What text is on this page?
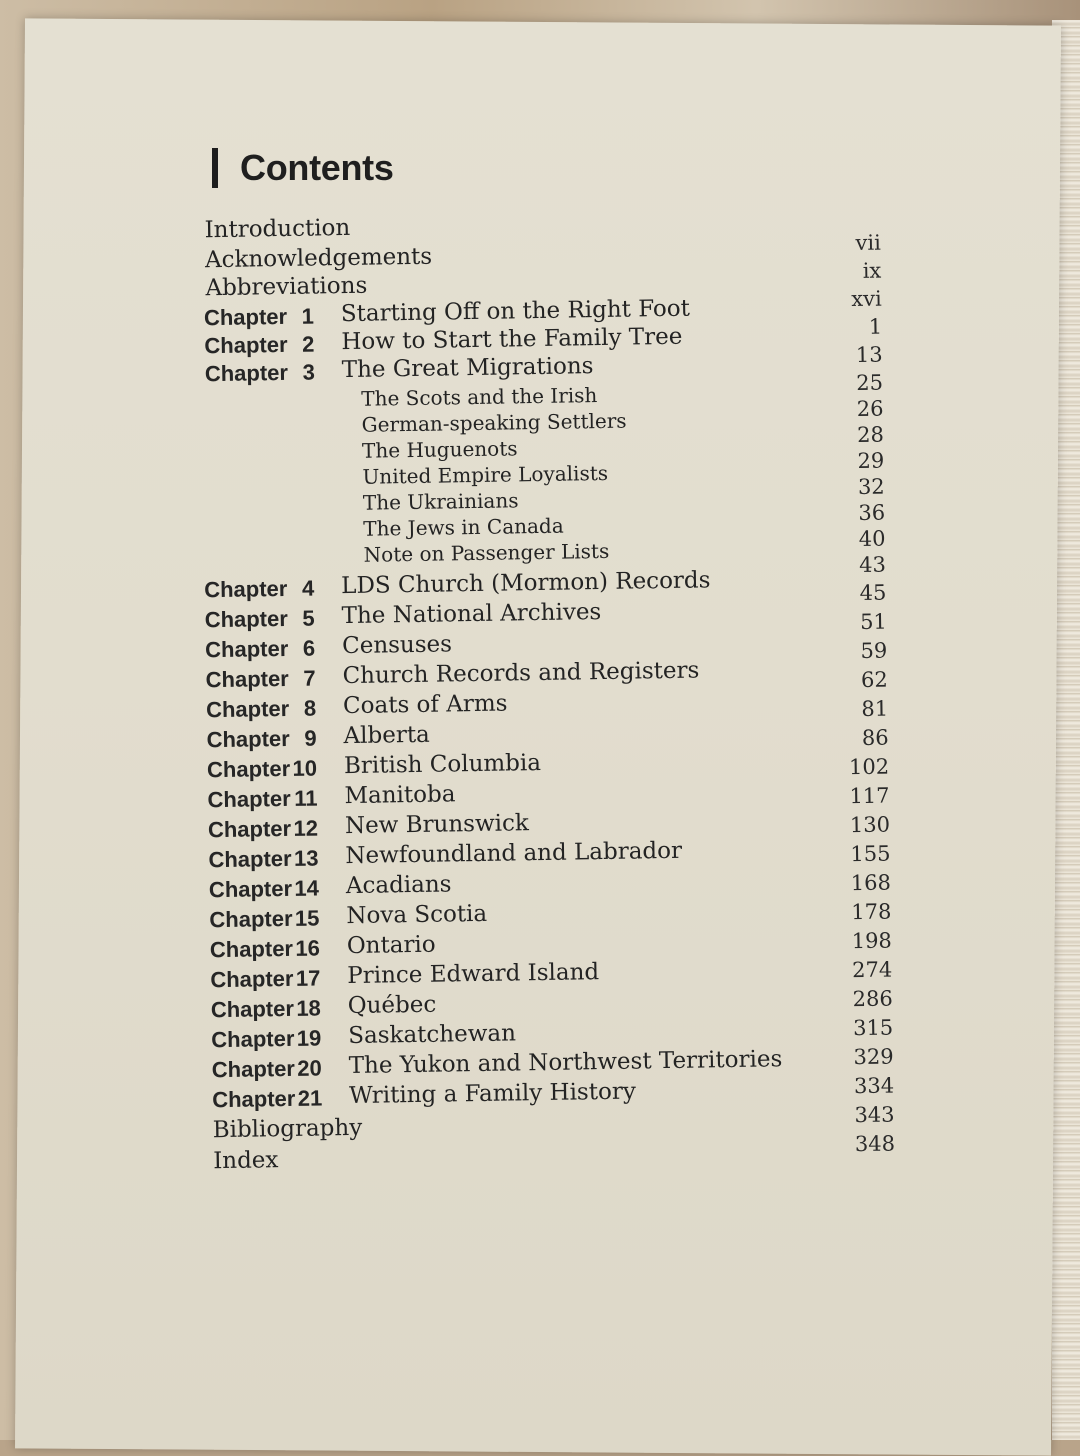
Contents
Introduction
Acknowledgements
Abbreviations
Chapter 1 Starting Off on the Right Foot
Chapter 2 How to Start the Family Tree
Chapter 3 The Great Migrations
The Scots and the Irish
German-speaking Settlers
The Huguenots
United Empire Loyalists
The Ukrainians
The Jews in Canada
Note on Passenger Lists
Chapter 4 LDS Church (Mormon) Records
Chapter 5 The National Archives
Chapter 6 Censuses
Chapter 7 Church Records and Registers
Chapter 8 Coats of Arms
Chapter 9 Alberta
Chapter 10 British Columbia
Chapter 11 Manitoba
Chapter 12 New Brunswick
Chapter 13 Newfoundland and Labrador
Chapter 14 Acadians
Chapter 15 Nova Scotia
Chapter 16 Ontario
Chapter 17 Prince Edward Island
Chapter 18 Québec
Chapter 19 Saskatchewan
Chapter 20 The Yukon and Northwest Territories
Chapter 21 Writing a Family History
Bibliography
Index
vii
ix
xvi
1
13
25
26
28
29
32
36
40
43
45
51
59
62
81
86
102
117
130
155
168
178
198
274
286
315
329
334
343
348
